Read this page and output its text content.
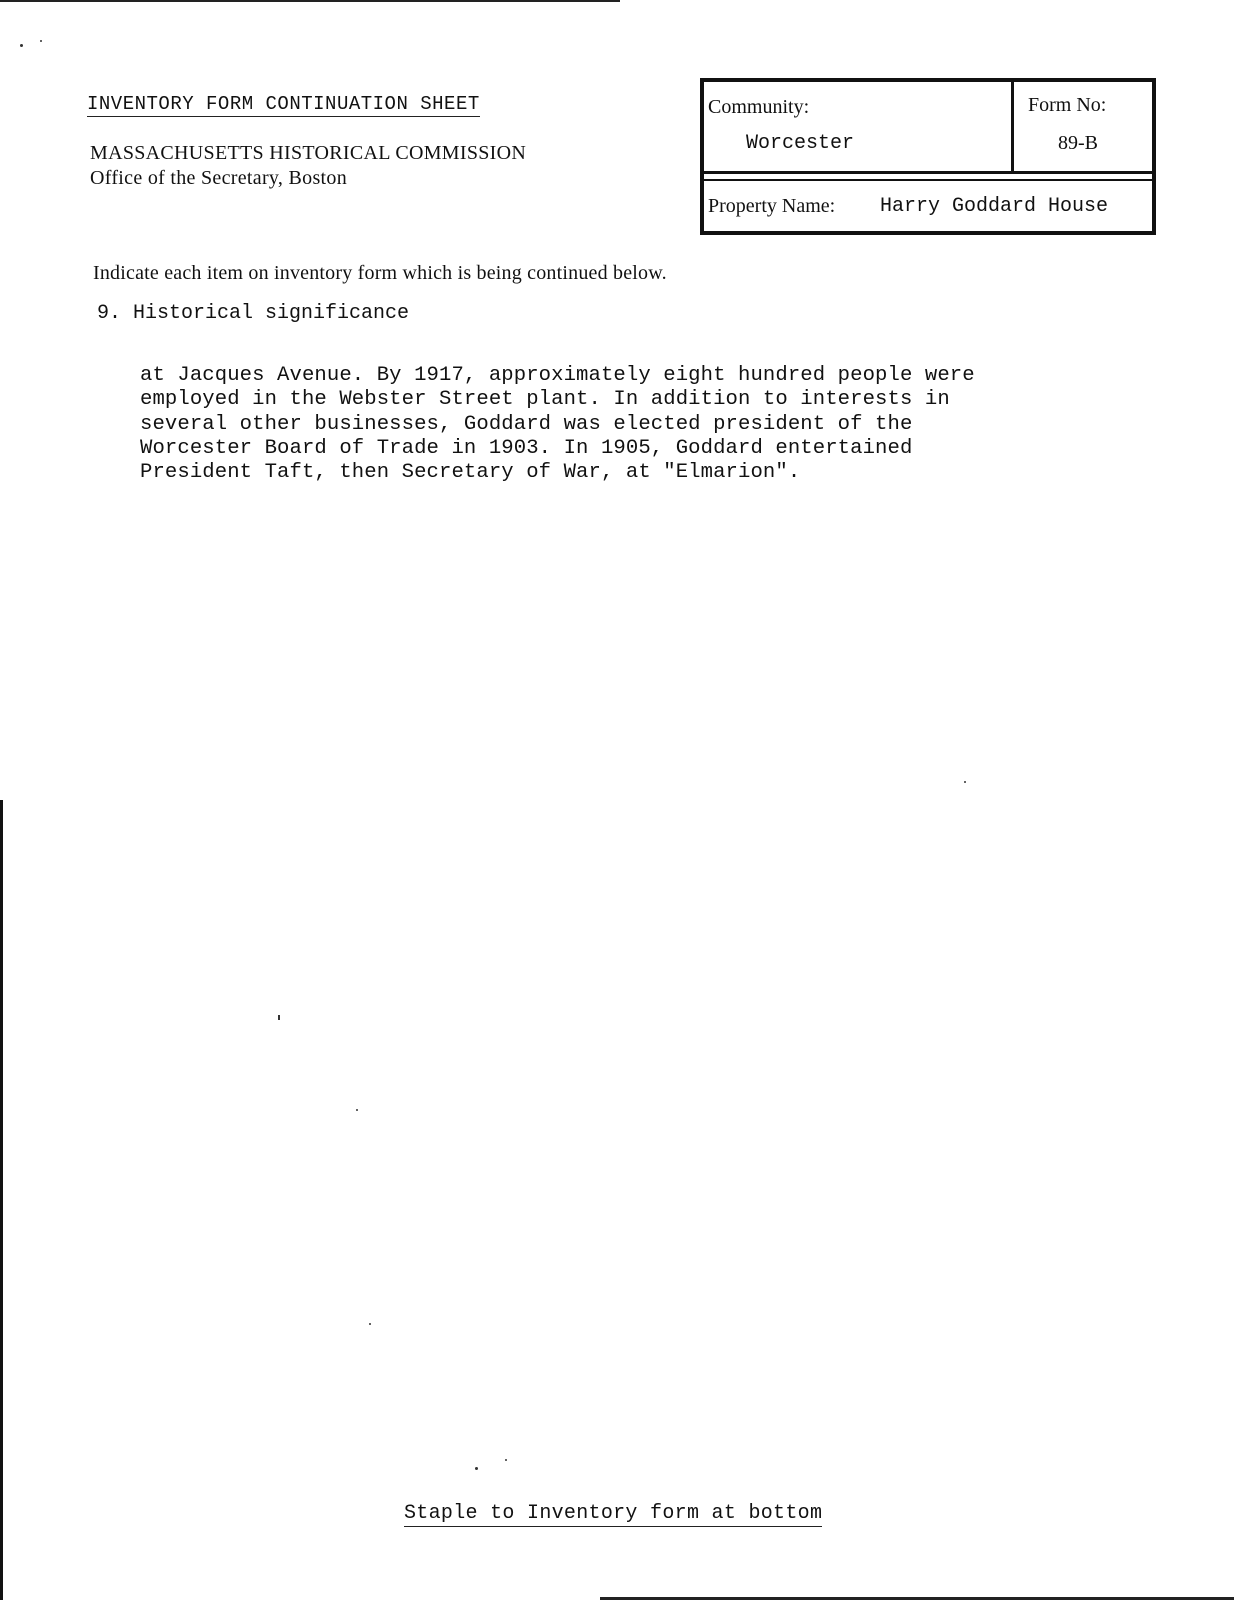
INVENTORY FORM CONTINUATION SHEET
MASSACHUSETTS HISTORICAL COMMISSION
Office of the Secretary, Boston
Community:
Worcester
Form No:
89-B
Property Name: Harry Goddard House
Indicate each item on inventory form which is being continued below.
9. Historical significance
at Jacques Avenue. By 1917, approximately eight hundred people were
employed in the Webster Street plant. In addition to interests in
several other businesses, Goddard was elected president of the
Worcester Board of Trade in 1903. In 1905, Goddard entertained
President Taft, then Secretary of War, at "Elmarion".
Staple to Inventory form at bottom
